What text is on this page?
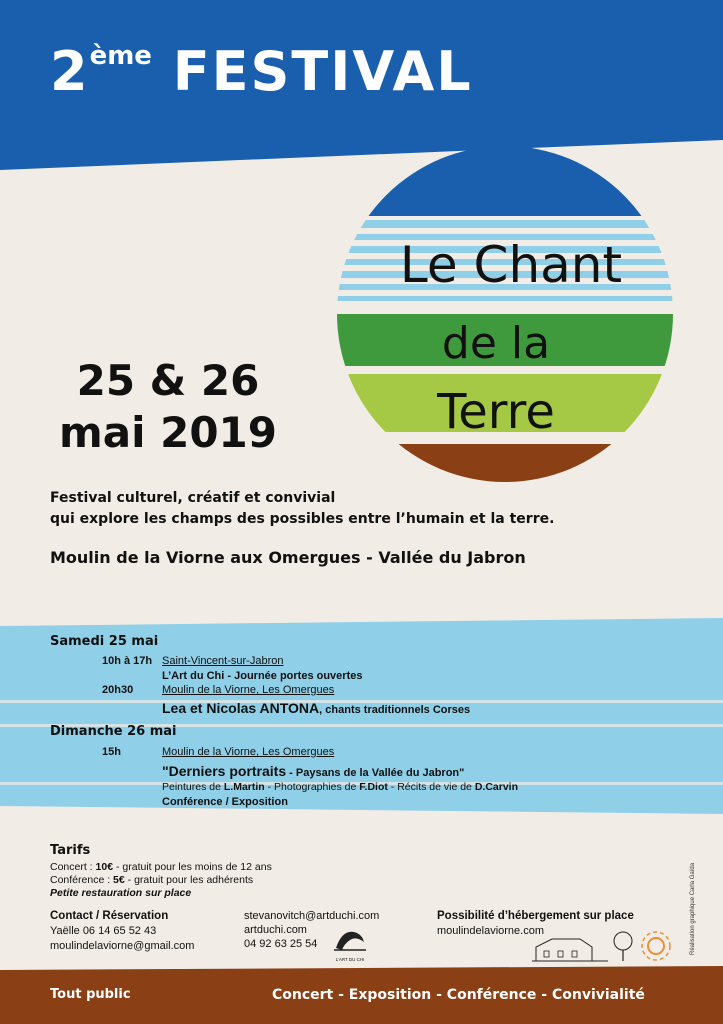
2ème FESTIVAL
Le Chant
de la
Terre
25 & 26
mai 2019
Festival culturel, créatif et convivial
qui explore les champs des possibles entre l’humain et la terre.
Moulin de la Viorne aux Omergues - Vallée du Jabron
Samedi 25 mai
10h à 17h Saint-Vincent-sur-Jabron
L’Art du Chi - Journée portes ouvertes
20h30	Moulin de la Viorne, Les Omergues
Lea et Nicolas ANTONA, chants traditionnels Corses
Dimanche 26 mai
15h	Moulin de la Viorne, Les Omergues
"Derniers portraits - Paysans de la Vallée du Jabron"
Peintures de L.Martin - Photographies de F.Diot - Récits de vie de D.Carvin
Conférence / Exposition
Tarifs
Concert : 10€ - gratuit pour les moins de 12 ans
Conférence : 5€ - gratuit pour les adhérents
Petite restauration sur place
Contact / Réservation
Yaëlle 06 14 65 52 43
moulindelaviorne@gmail.com
stevanovitch@artduchi.com
artduchi.com
04 92 63 25 54
L’ART DU CHI
Possibilité d’hébergement sur place
moulindelaviorne.com	Réalisation graphique Carla Gaïda
Tout public	Concert - Exposition - Conférence - Convivialité
